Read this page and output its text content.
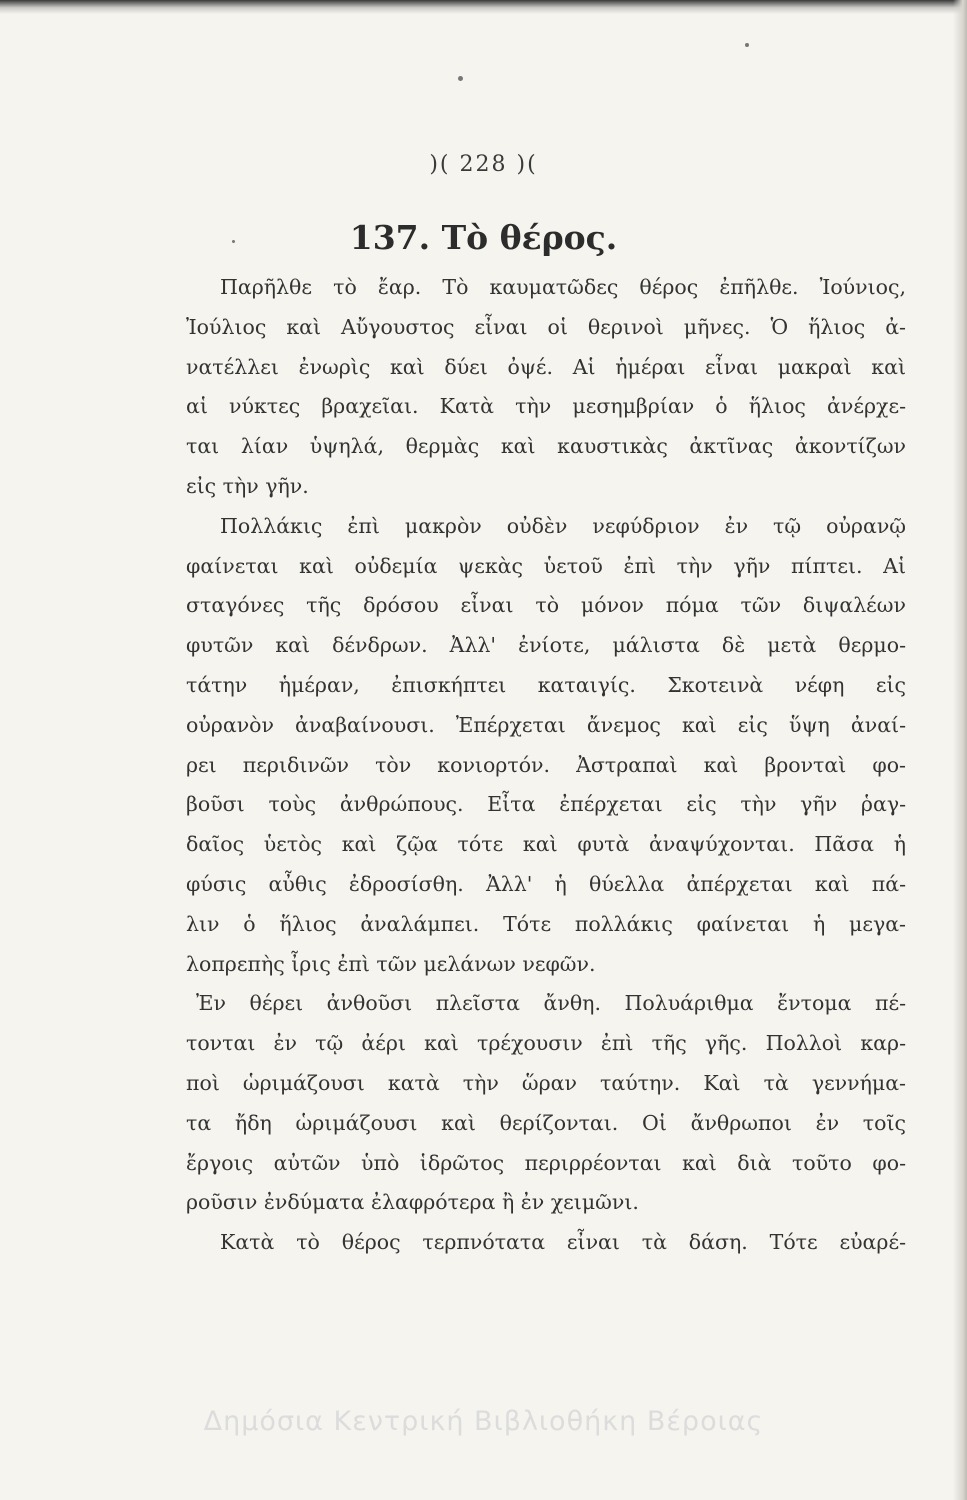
)( 228 )(
137. Τὸ θέρος.
Παρῆλθε τὸ ἔαρ. Τὸ καυματῶδες θέρος ἐπῆλθε. Ἰούνιος,
Ἰούλιος καὶ Αὔγουστος εἶναι οἱ θερινοὶ μῆνες. Ὁ ἥλιος ἀ-
νατέλλει ἐνωρὶς καὶ δύει ὀψέ. Αἱ ἡμέραι εἶναι μακραὶ καὶ
αἱ νύκτες βραχεῖαι. Κατὰ τὴν μεσημβρίαν ὁ ἥλιος ἀνέρχε-
ται λίαν ὑψηλά, θερμὰς καὶ καυστικὰς ἀκτῖνας ἀκοντίζων
εἰς τὴν γῆν.
Πολλάκις ἐπὶ μακρὸν οὐδὲν νεφύδριον ἐν τῷ οὐρανῷ
φαίνεται καὶ οὐδεμία ψεκὰς ὑετοῦ ἐπὶ τὴν γῆν πίπτει. Αἱ
σταγόνες τῆς δρόσου εἶναι τὸ μόνον πόμα τῶν διψαλέων
φυτῶν καὶ δένδρων. Ἀλλ' ἐνίοτε, μάλιστα δὲ μετὰ θερμο-
τάτην ἡμέραν, ἐπισκήπτει καταιγίς. Σκοτεινὰ νέφη εἰς
οὐρανὸν ἀναβαίνουσι. Ἐπέρχεται ἄνεμος καὶ εἰς ὕψη ἀναί-
ρει περιδινῶν τὸν κονιορτόν. Ἀστραπαὶ καὶ βρονταὶ φο-
βοῦσι τοὺς ἀνθρώπους. Εἶτα ἐπέρχεται εἰς τὴν γῆν ῥαγ-
δαῖος ὑετὸς καὶ ζῷα τότε καὶ φυτὰ ἀναψύχονται. Πᾶσα ἡ
φύσις αὖθις ἐδροσίσθη. Ἀλλ' ἡ θύελλα ἀπέρχεται καὶ πά-
λιν ὁ ἥλιος ἀναλάμπει. Τότε πολλάκις φαίνεται ἡ μεγα-
λοπρεπὴς ἶρις ἐπὶ τῶν μελάνων νεφῶν.
Ἐν θέρει ἀνθοῦσι πλεῖστα ἄνθη. Πολυάριθμα ἔντομα πέ-
τονται ἐν τῷ ἀέρι καὶ τρέχουσιν ἐπὶ τῆς γῆς. Πολλοὶ καρ-
ποὶ ὡριμάζουσι κατὰ τὴν ὥραν ταύτην. Καὶ τὰ γεννήμα-
τα ἤδη ὡριμάζουσι καὶ θερίζονται. Οἱ ἄνθρωποι ἐν τοῖς
ἔργοις αὐτῶν ὑπὸ ἱδρῶτος περιρρέονται καὶ διὰ τοῦτο φο-
ροῦσιν ἐνδύματα ἐλαφρότερα ἢ ἐν χειμῶνι.
Κατὰ τὸ θέρος τερπνότατα εἶναι τὰ δάση. Τότε εὐαρέ-
Δημόσια Κεντρική Βιβλιοθήκη Βέροιας
